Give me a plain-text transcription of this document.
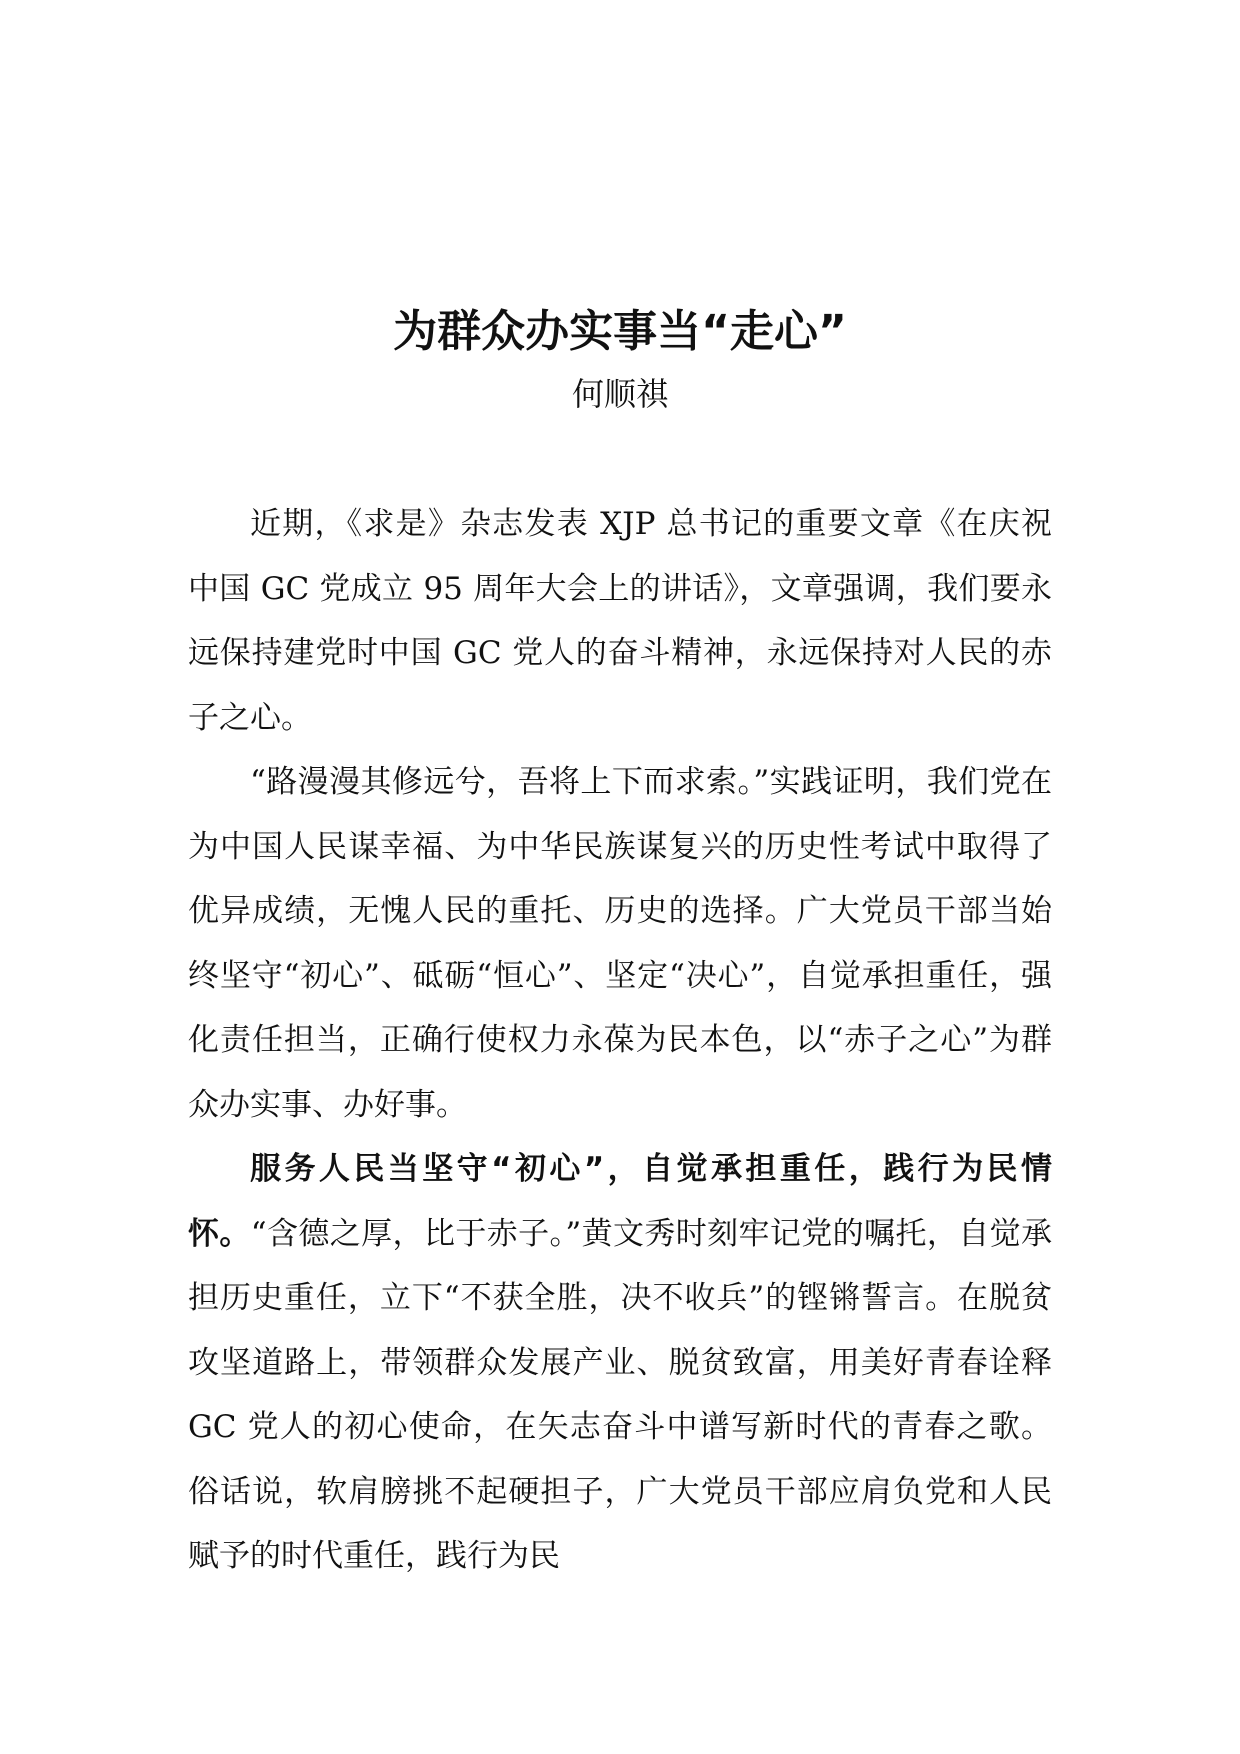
为群众办实事当“走心”
何顺祺

近期，《求是》杂志发表 XJP 总书记的重要文章《在庆祝中国 GC 党成立 95 周年大会上的讲话》，文章强调，我们要永远保持建党时中国 GC 党人的奋斗精神，永远保持对人民的赤子之心。

“路漫漫其修远兮，吾将上下而求索。”实践证明，我们党在为中国人民谋幸福、为中华民族谋复兴的历史性考试中取得了优异成绩，无愧人民的重托、历史的选择。广大党员干部当始终坚守“初心”、砥砺“恒心”、坚定“决心”，自觉承担重任，强化责任担当，正确行使权力永葆为民本色，以“赤子之心”为群众办实事、办好事。

服务人民当坚守“初心”，自觉承担重任，践行为民情怀。“含德之厚，比于赤子。”黄文秀时刻牢记党的嘱托，自觉承担历史重任，立下“不获全胜，决不收兵”的铿锵誓言。在脱贫攻坚道路上，带领群众发展产业、脱贫致富，用美好青春诠释 GC 党人的初心使命，在矢志奋斗中谱写新时代的青春之歌。俗话说，软肩膀挑不起硬担子，广大党员干部应肩负党和人民赋予的时代重任，践行为民
